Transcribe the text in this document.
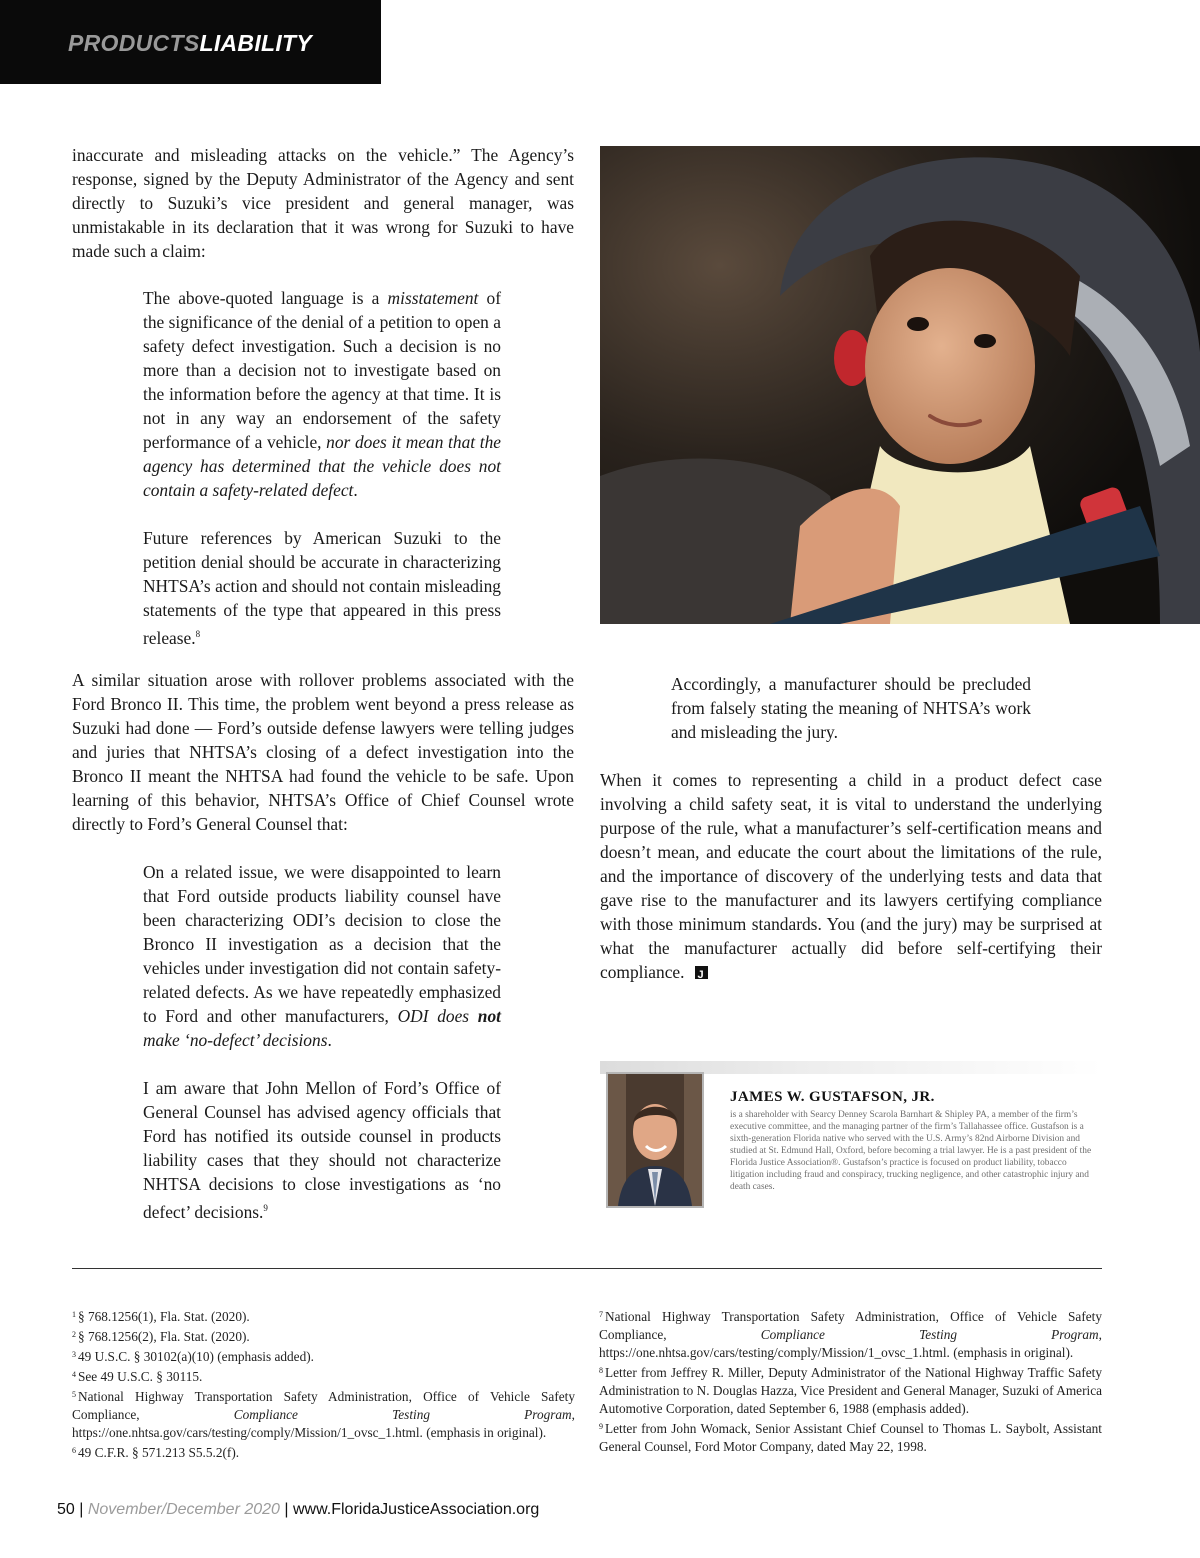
PRODUCTSLIABILITY
inaccurate and misleading attacks on the vehicle.” The Agency’s response, signed by the Deputy Administrator of the Agency and sent directly to Suzuki’s vice president and general manager, was unmistakable in its declaration that it was wrong for Suzuki to have made such a claim:

The above-quoted language is a misstatement of the significance of the denial of a petition to open a safety defect investigation. Such a decision is no more than a decision not to investigate based on the information before the agency at that time. It is not in any way an endorsement of the safety performance of a vehicle, nor does it mean that the agency has determined that the vehicle does not contain a safety-related defect.

Future references by American Suzuki to the petition denial should be accurate in characterizing NHTSA’s action and should not contain misleading statements of the type that appeared in this press release.$^8$

A similar situation arose with rollover problems associated with the Ford Bronco II. This time, the problem went beyond a press release as Suzuki had done — Ford’s outside defense lawyers were telling judges and juries that NHTSA’s closing of a defect investigation into the Bronco II meant the NHTSA had found the vehicle to be safe. Upon learning of this behavior, NHTSA’s Office of Chief Counsel wrote directly to Ford’s General Counsel that:

On a related issue, we were disappointed to learn that Ford outside products liability counsel have been characterizing ODI’s decision to close the Bronco II investigation as a decision that the vehicles under investigation did not contain safety-related defects. As we have repeatedly emphasized to Ford and other manufacturers, ODI does not make ‘no-defect’ decisions.

I am aware that John Mellon of Ford’s Office of General Counsel has advised agency officials that Ford has notified its outside counsel in products liability cases that they should not characterize NHTSA decisions to close investigations as ‘no defect’ decisions.$^9$

Accordingly, a manufacturer should be precluded from falsely stating the meaning of NHTSA’s work and misleading the jury.
When it comes to representing a child in a product defect case involving a child safety seat, it is vital to understand the underlying purpose of the rule, what a manufacturer’s self-certification means and doesn’t mean, and educate the court about the limitations of the rule, and the importance of discovery of the underlying tests and data that gave rise to the manufacturer and its lawyers certifying compliance with those minimum standards. You (and the jury) may be surprised at what the manufacturer actually did before self-certifying their compliance.J
JAMES W. GUSTAFSON, JR.
is a shareholder with Searcy Denney Scarola Barnhart & Shipley PA, a member of the firm’s executive committee, and the managing partner of the firm’s Tallahassee office. Gustafson is a sixth-generation Florida native who served with the U.S. Army’s 82nd Airborne Division and studied at St. Edmund Hall, Oxford, before becoming a trial lawyer. He is a past president of the Florida Justice Association®. Gustafson’s practice is focused on product liability, tobacco litigation including fraud and conspiracy, trucking negligence, and other catastrophic injury and death cases.
$^1$ § 768.1256(1), Fla. Stat. (2020).
$^2$ § 768.1256(2), Fla. Stat. (2020).
$^3$ 49 U.S.C. § 30102(a)(10) (emphasis added).
$^4$ See 49 U.S.C. § 30115.
$^5$ National Highway Transportation Safety Administration, Office of Vehicle Safety Compliance, Compliance Testing Program, https://one.nhtsa.gov/cars/testing/comply/Mission/1_ovsc_1.html. (emphasis in original).
$^6$ 49 C.F.R. § 571.213 S5.5.2(f).
$^7$ National Highway Transportation Safety Administration, Office of Vehicle Safety Compliance, Compliance Testing Program, https://one.nhtsa.gov/cars/testing/comply/Mission/1_ovsc_1.html. (emphasis in original).
$^8$ Letter from Jeffrey R. Miller, Deputy Administrator of the National Highway Traffic Safety Administration to N. Douglas Hazza, Vice President and General Manager, Suzuki of America Automotive Corporation, dated September 6, 1988 (emphasis added).
$^9$ Letter from John Womack, Senior Assistant Chief Counsel to Thomas L. Saybolt, Assistant General Counsel, Ford Motor Company, dated May 22, 1998.
50 | November/December 2020 | www.FloridaJusticeAssociation.org
